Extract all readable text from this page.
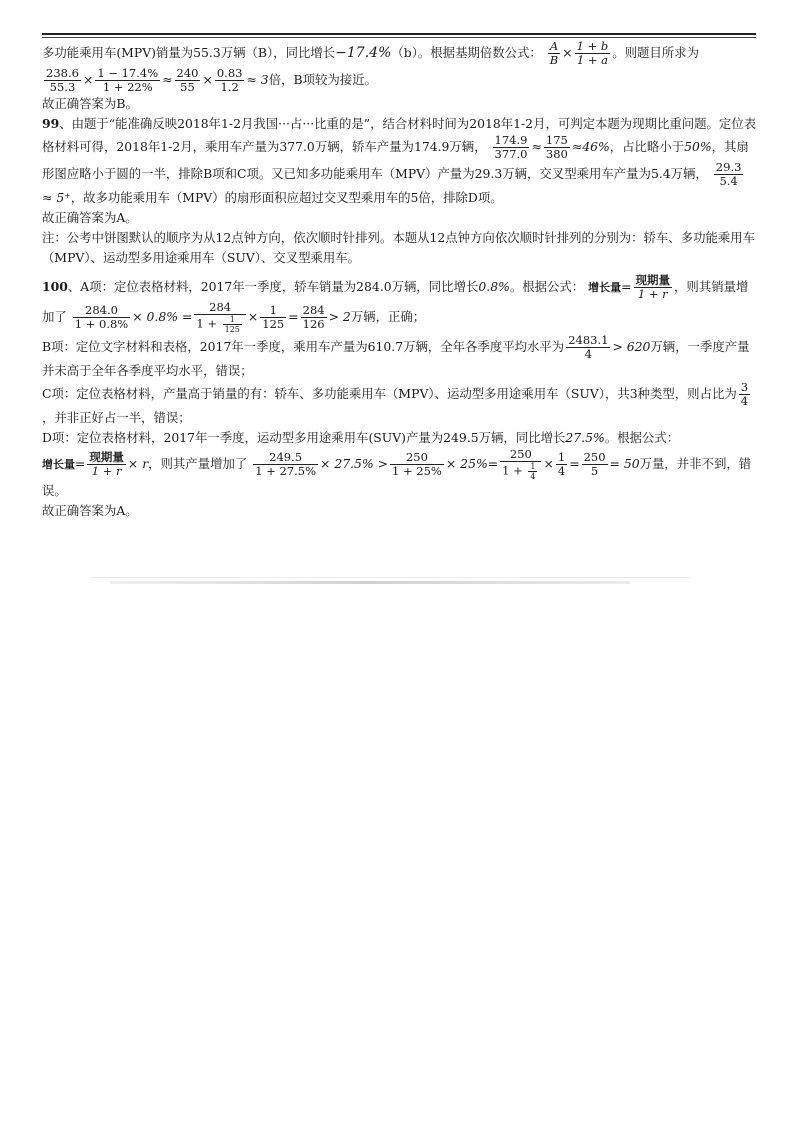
多功能乘用车(MPV)销量为55.3万辆（B），同比增长−17.4%（b）。根据基期倍数公式： $\frac{A}{B} \times \frac{1 + b}{1 + a}$ 。则题目所求为

$\frac{238.6}{55.3} \times \frac{1 - 17.4\%}{1 + 22\%} \approx \frac{240}{55} \times \frac{0.83}{1.2} \approx 3$倍，B项较为接近。

故正确答案为B。

99、由题于“能准确反映2018年1-2月我国···占···比重的是”，结合材料时间为2018年1-2月，可判定本题为现期比重问题。定位表格材料可得，2018年1-2月，乘用车产量为377.0万辆，轿车产量为174.9万辆， $\frac{174.9}{377.0} \approx \frac{175}{380} \approx 46\%$，占比略小于50%，其扇形图应略小于圆的一半，排除B项和C项。又已知多功能乘用车（MPV）产量为29.3万辆，交叉型乘用车产量为5.4万辆， $\frac{29.3}{5.4}$
≈ 5⁺，故多功能乘用车（MPV）的扇形面积应超过交叉型乘用车的5倍，排除D项。

故正确答案为A。

注：公考中饼图默认的顺序为从12点钟方向，依次顺时针排列。本题从12点钟方向依次顺时针排列的分别为：轿车、多功能乘用车（MPV）、运动型多用途乘用车（SUV）、交叉型乘用车。

100、A项：定位表格材料，2017年一季度，轿车销量为284.0万辆，同比增长0.8%。根据公式： 增长量= $\frac{\text{现期量}}{1 + r}$ ，则其销量增加了 $\frac{284.0}{1 + 0.8\%} \times 0.8\% = \frac{284}{1 + \frac{1}{125}} \times \frac{1}{125} = \frac{284}{126} > 2$万辆，正确；

B项：定位文字材料和表格，2017年一季度，乘用车产量为610.7万辆，全年各季度平均水平为 $\frac{2483.1}{4} > 620$万辆，一季度产量并未高于全年各季度平均水平，错误；

C项：定位表格材料，产量高于销量的有：轿车、多功能乘用车（MPV）、运动型多用途乘用车（SUV），共3种类型，则占比为 $\frac{3}{4}$
，并非正好占一半，错误；

D项：定位表格材料，2017年一季度，运动型多用途乘用车(SUV)产量为249.5万辆，同比增长27.5%。根据公式：

增长量= $\frac{\text{现期量}}{1 + r} \times r$，则其产量增加了 $\frac{249.5}{1 + 27.5\%} \times 27.5\% > \frac{250}{1 + 25\%} \times 25\%= \frac{250}{1 + \frac{1}{4}} \times \frac{1}{4} = \frac{250}{5} = 50$万量，并非不到，错误。

故正确答案为A。
